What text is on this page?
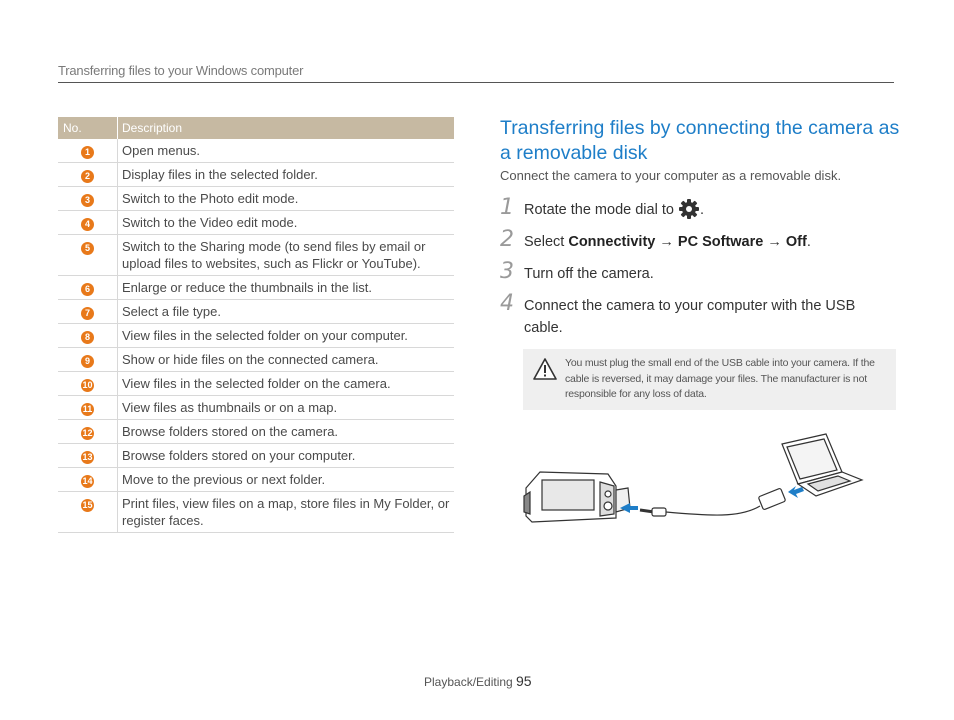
Transferring files to your Windows computer
No.	Description
1	Open menus.
2	Display files in the selected folder.
3	Switch to the Photo edit mode.
4	Switch to the Video edit mode.
5	Switch to the Sharing mode (to send files by email or upload files to websites, such as Flickr or YouTube).
6	Enlarge or reduce the thumbnails in the list.
7	Select a file type.
8	View files in the selected folder on your computer.
9	Show or hide files on the connected camera.
10	View files in the selected folder on the camera.
11	View files as thumbnails or on a map.
12	Browse folders stored on the camera.
13	Browse folders stored on your computer.
14	Move to the previous or next folder.
15	Print files, view files on a map, store files in My Folder, or register faces.
Transferring files by connecting the camera as a removable disk
Connect the camera to your computer as a removable disk.
1 Rotate the mode dial to .
2 Select Connectivity → PC Software → Off.
3 Turn off the camera.
4 Connect the camera to your computer with the USB cable.
You must plug the small end of the USB cable into your camera. If the cable is reversed, it may damage your files. The manufacturer is not responsible for any loss of data.
Playback/Editing 95
